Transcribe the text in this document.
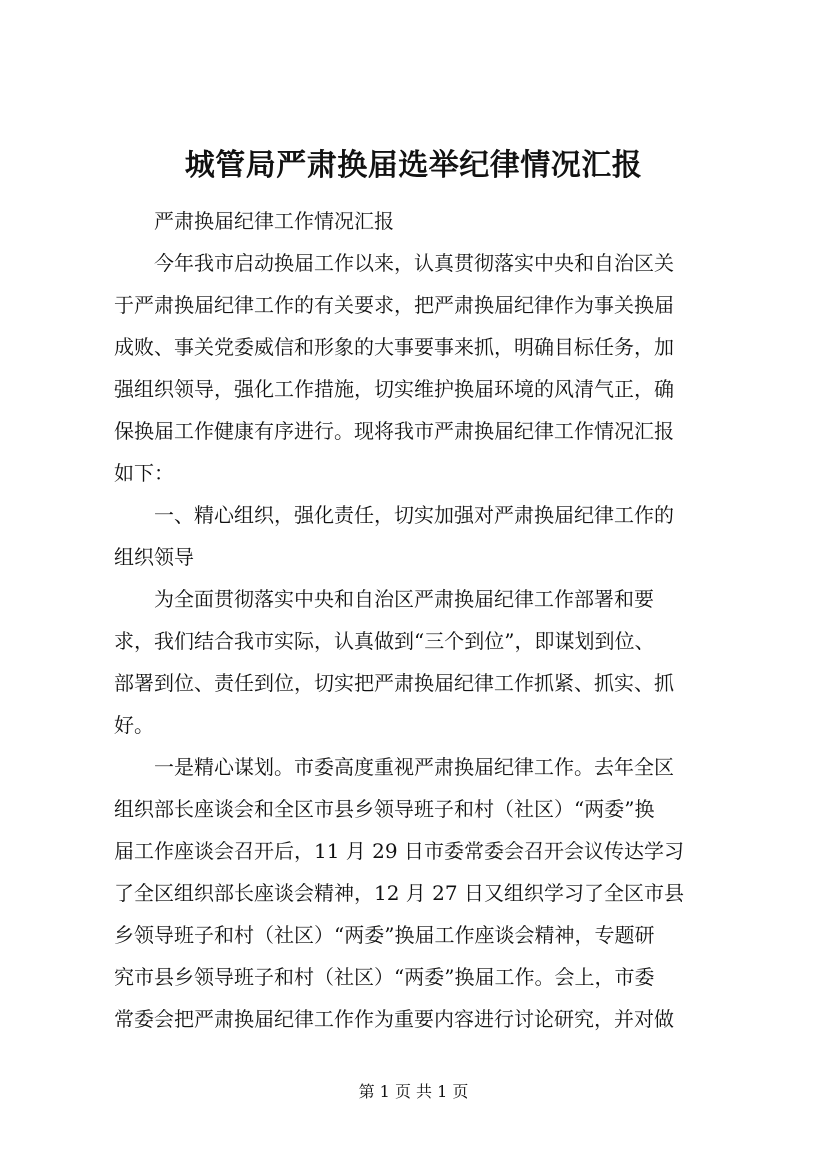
城管局严肃换届选举纪律情况汇报

严肃换届纪律工作情况汇报

今年我市启动换届工作以来，认真贯彻落实中央和自治区关

于严肃换届纪律工作的有关要求，把严肃换届纪律作为事关换届

成败、事关党委威信和形象的大事要事来抓，明确目标任务，加

强组织领导，强化工作措施，切实维护换届环境的风清气正，确

保换届工作健康有序进行。现将我市严肃换届纪律工作情况汇报

如下：

一、精心组织，强化责任，切实加强对严肃换届纪律工作的

组织领导

为全面贯彻落实中央和自治区严肃换届纪律工作部署和要

求，我们结合我市实际，认真做到“三个到位”，即谋划到位、

部署到位、责任到位，切实把严肃换届纪律工作抓紧、抓实、抓

好。

一是精心谋划。市委高度重视严肃换届纪律工作。去年全区

组织部长座谈会和全区市县乡领导班子和村（社区）“两委”换

届工作座谈会召开后，11 月 29 日市委常委会召开会议传达学习

了全区组织部长座谈会精神，12 月 27 日又组织学习了全区市县

乡领导班子和村（社区）“两委”换届工作座谈会精神，专题研

究市县乡领导班子和村（社区）“两委”换届工作。会上，市委

常委会把严肃换届纪律工作作为重要内容进行讨论研究，并对做

第 1 页 共 1 页
